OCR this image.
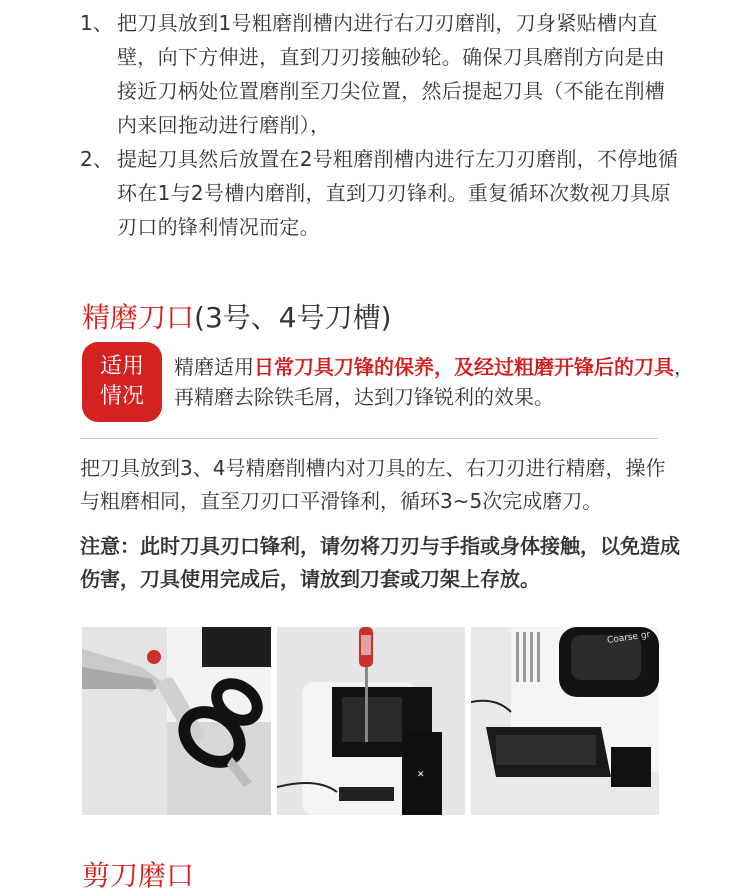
1、 把刀具放到1号粗磨削槽内进行右刀刃磨削，刀身紧贴槽内直壁，向下方伸进，直到刀刃接触砂轮。确保刀具磨削方向是由接近刀柄处位置磨削至刀尖位置，然后提起刀具（不能在削槽内来回拖动进行磨削），
2、 提起刀具然后放置在2号粗磨削槽内进行左刀刃磨削，不停地循环在1与2号槽内磨削，直到刀刃锋利。重复循环次数视刀具原刃口的锋利情况而定。
精磨刀口(3号、4号刀槽)
适用
情况
精磨适用日常刀具刀锋的保养，及经过粗磨开锋后的刀具，再精磨去除铁毛屑，达到刀锋锐利的效果。
把刀具放到3、4号精磨削槽内对刀具的左、右刀刃进行精磨，操作与粗磨相同，直至刀刃口平滑锋利，循环3~5次完成磨刀。
注意：此时刀具刃口锋利，请勿将刀刃与手指或身体接触，以免造成伤害，刀具使用完成后，请放到刀套或刀架上存放。
✕
Coarse gr
剪刀磨口
